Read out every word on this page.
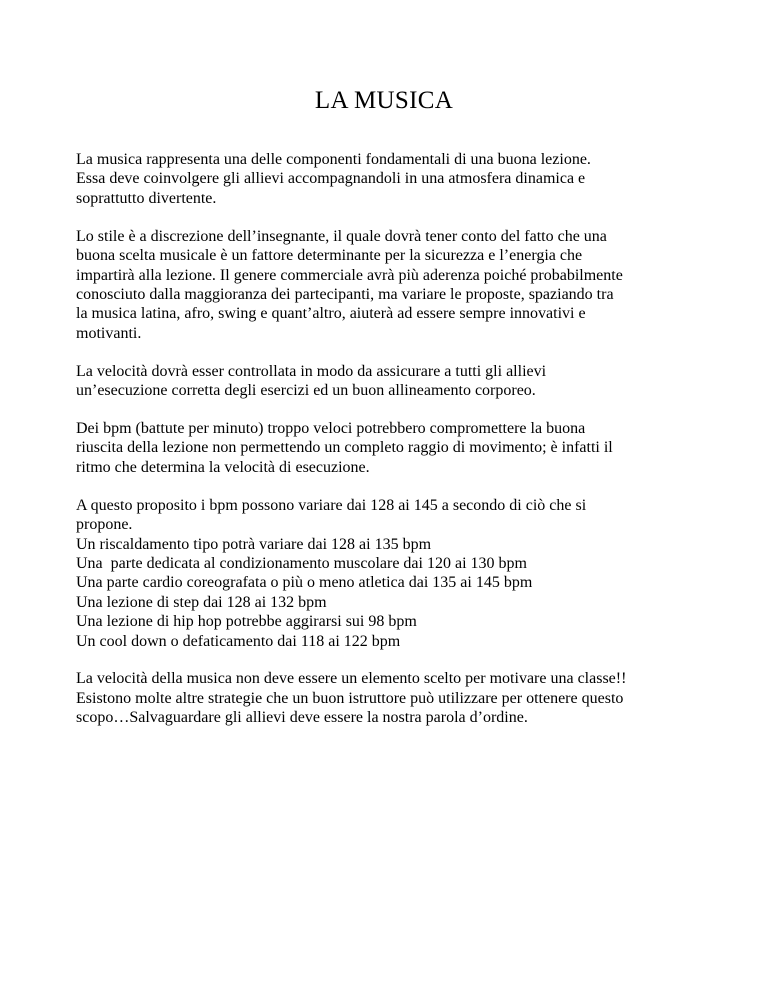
LA MUSICA

La musica rappresenta una delle componenti fondamentali di una buona lezione.
Essa deve coinvolgere gli allievi accompagnandoli in una atmosfera dinamica e
soprattutto divertente.

Lo stile è a discrezione dell’insegnante, il quale dovrà tener conto del fatto che una
buona scelta musicale è un fattore determinante per la sicurezza e l’energia che
impartirà alla lezione. Il genere commerciale avrà più aderenza poiché probabilmente
conosciuto dalla maggioranza dei partecipanti, ma variare le proposte, spaziando tra
la musica latina, afro, swing e quant’altro, aiuterà ad essere sempre innovativi e
motivanti.

La velocità dovrà esser controllata in modo da assicurare a tutti gli allievi
un’esecuzione corretta degli esercizi ed un buon allineamento corporeo.

Dei bpm (battute per minuto) troppo veloci potrebbero compromettere la buona
riuscita della lezione non permettendo un completo raggio di movimento; è infatti il
ritmo che determina la velocità di esecuzione.

A questo proposito i bpm possono variare dai 128 ai 145 a secondo di ciò che si
propone.
Un riscaldamento tipo potrà variare dai 128 ai 135 bpm
Una  parte dedicata al condizionamento muscolare dai 120 ai 130 bpm
Una parte cardio coreografata o più o meno atletica dai 135 ai 145 bpm
Una lezione di step dai 128 ai 132 bpm
Una lezione di hip hop potrebbe aggirarsi sui 98 bpm
Un cool down o defaticamento dai 118 ai 122 bpm

La velocità della musica non deve essere un elemento scelto per motivare una classe!!
Esistono molte altre strategie che un buon istruttore può utilizzare per ottenere questo
scopo…Salvaguardare gli allievi deve essere la nostra parola d’ordine.
